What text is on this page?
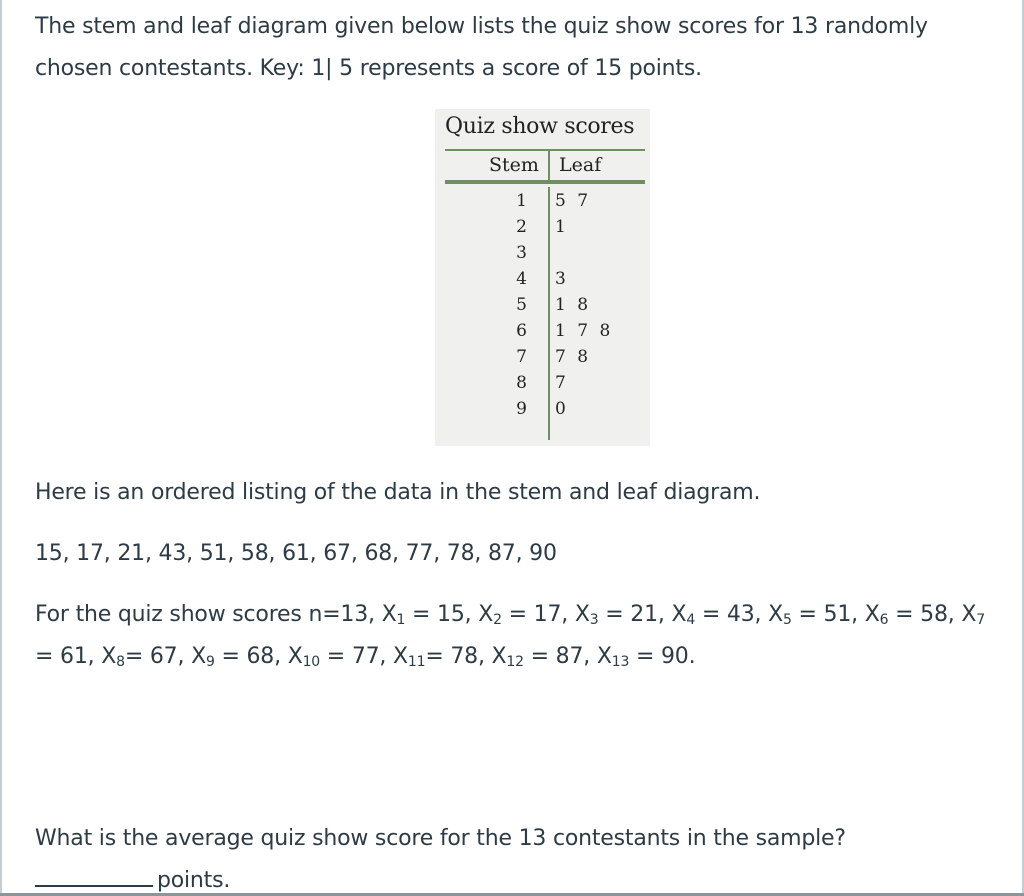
The stem and leaf diagram given below lists the quiz show scores for 13 randomly chosen contestants. Key: 1| 5 represents a score of 15 points.

Quiz show scores
Stem Leaf
1 5 7
2 1
3
4 3
5 1 8
6 1 7 8
7 7 8
8 7
9 0

Here is an ordered listing of the data in the stem and leaf diagram.

15, 17, 21, 43, 51, 58, 61, 67, 68, 77, 78, 87, 90

For the quiz show scores n=13, $X_1 = 15$, $X_2 = 17$, $X_3 = 21$, $X_4 = 43$, $X_5 = 51$, $X_6 = 58$, $X_7 = 61$, $X_8= 67$, $X_9 = 68$, $X_{10} = 77$, $X_{11}= 78$, $X_{12} = 87$, $X_{13} = 90$.

What is the average quiz show score for the 13 contestants in the sample?

points.
